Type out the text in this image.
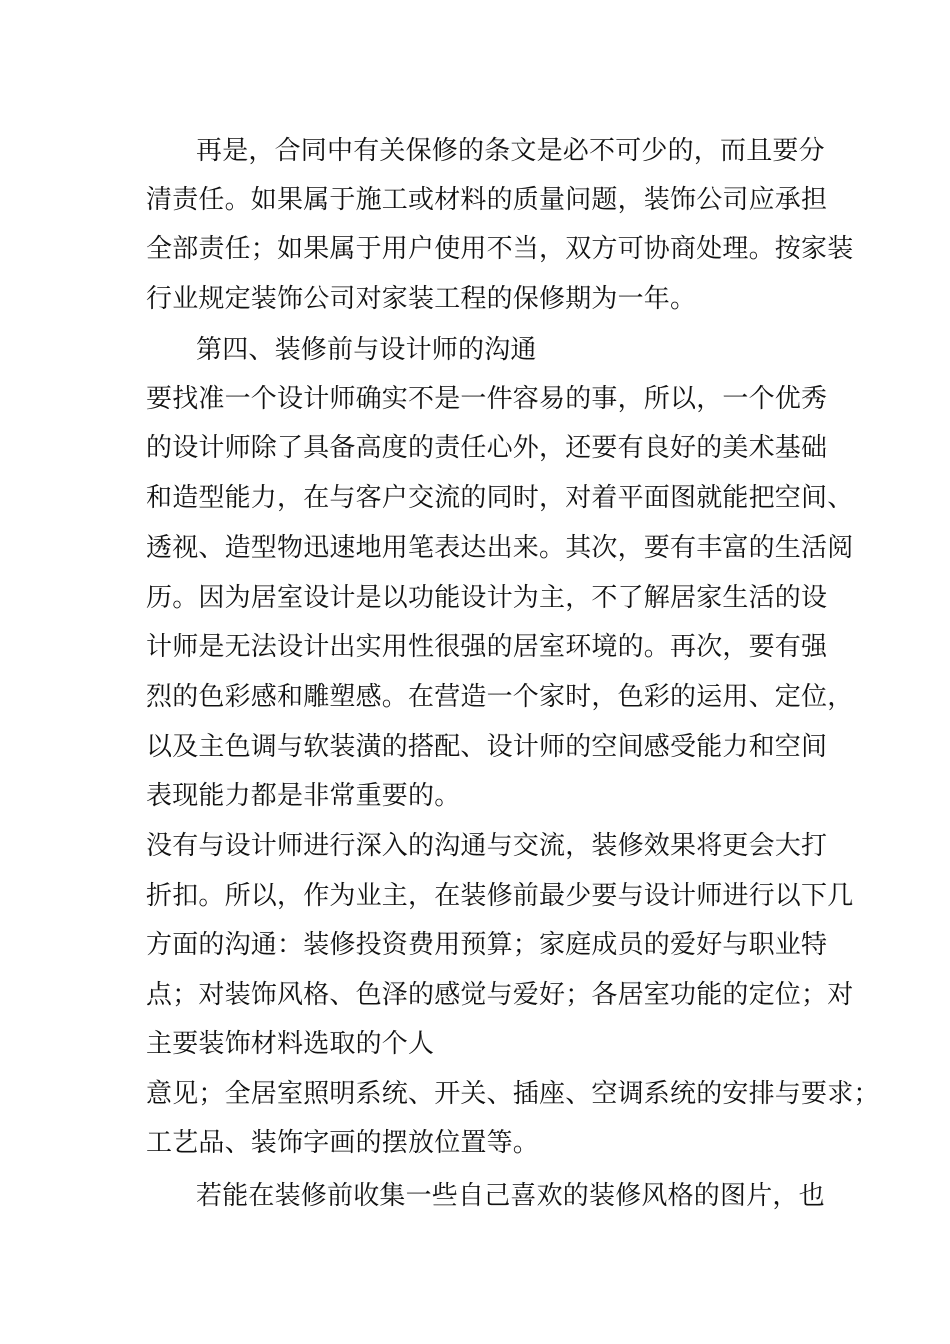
再是，合同中有关保修的条文是必不可少的，而且要分

清责任。如果属于施工或材料的质量问题，装饰公司应承担

全部责任；如果属于用户使用不当，双方可协商处理。按家装

行业规定装饰公司对家装工程的保修期为一年。

第四、装修前与设计师的沟通

要找准一个设计师确实不是一件容易的事，所以，一个优秀

的设计师除了具备高度的责任心外，还要有良好的美术基础

和造型能力，在与客户交流的同时，对着平面图就能把空间、

透视、造型物迅速地用笔表达出来。其次，要有丰富的生活阅

历。因为居室设计是以功能设计为主，不了解居家生活的设

计师是无法设计出实用性很强的居室环境的。再次，要有强

烈的色彩感和雕塑感。在营造一个家时，色彩的运用、定位，

以及主色调与软装潢的搭配、设计师的空间感受能力和空间

表现能力都是非常重要的。

没有与设计师进行深入的沟通与交流，装修效果将更会大打

折扣。所以，作为业主，在装修前最少要与设计师进行以下几

方面的沟通：装修投资费用预算；家庭成员的爱好与职业特

点；对装饰风格、色泽的感觉与爱好；各居室功能的定位；对

主要装饰材料选取的个人

意见；全居室照明系统、开关、插座、空调系统的安排与要求；

工艺品、装饰字画的摆放位置等。

若能在装修前收集一些自己喜欢的装修风格的图片，也
